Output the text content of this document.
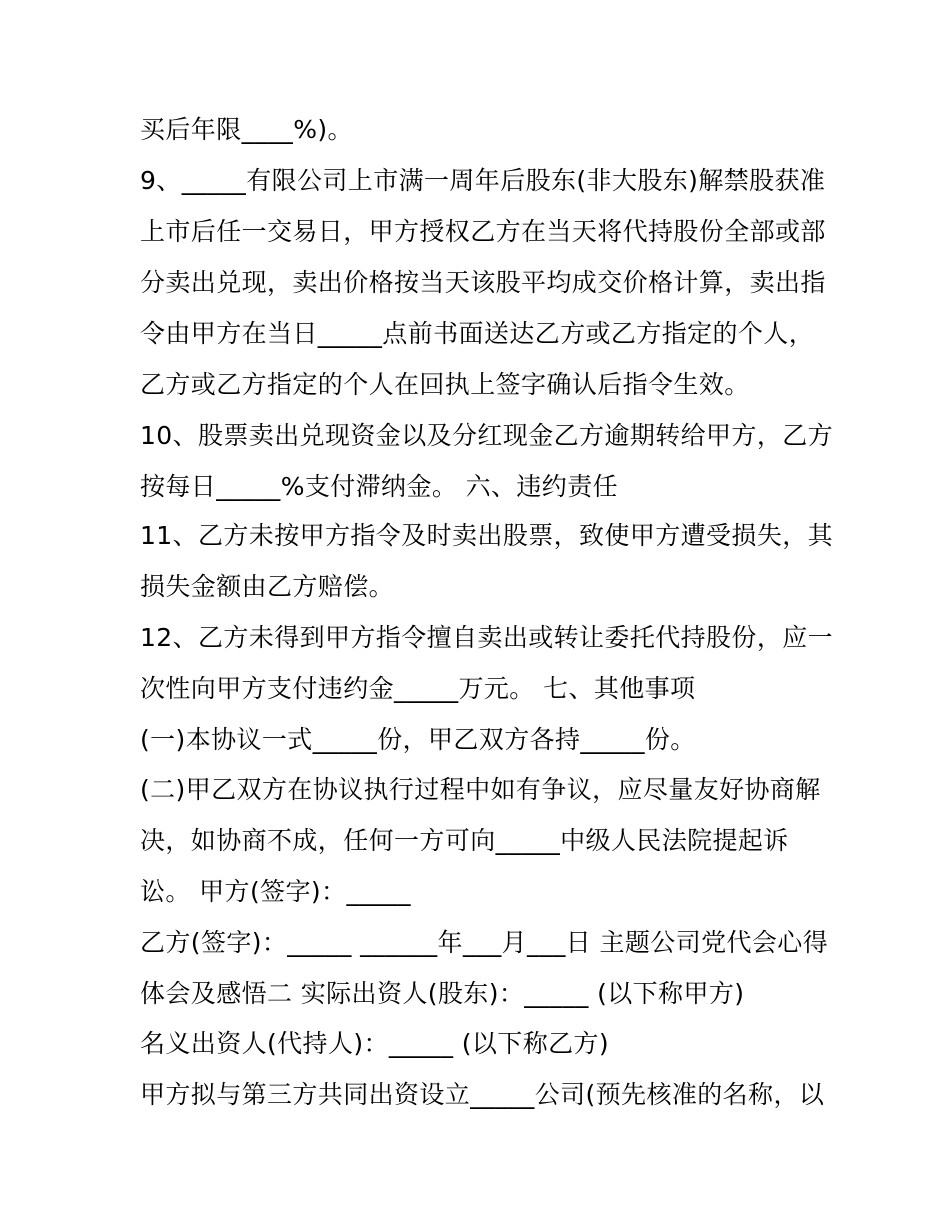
买后年限____%)。
9、_____有限公司上市满一周年后股东(非大股东)解禁股获准
上市后任一交易日，甲方授权乙方在当天将代持股份全部或部
分卖出兑现，卖出价格按当天该股平均成交价格计算，卖出指
令由甲方在当日_____点前书面送达乙方或乙方指定的个人，
乙方或乙方指定的个人在回执上签字确认后指令生效。
10、股票卖出兑现资金以及分红现金乙方逾期转给甲方，乙方
按每日_____%支付滞纳金。 六、违约责任
11、乙方未按甲方指令及时卖出股票，致使甲方遭受损失，其
损失金额由乙方赔偿。
12、乙方未得到甲方指令擅自卖出或转让委托代持股份，应一
次性向甲方支付违约金_____万元。 七、其他事项
(一)本协议一式_____份，甲乙双方各持_____份。
(二)甲乙双方在协议执行过程中如有争议，应尽量友好协商解
决，如协商不成，任何一方可向_____中级人民法院提起诉
讼。 甲方(签字)：_____
乙方(签字)：_____ ______年___月___日 主题公司党代会心得
体会及感悟二 实际出资人(股东)：_____ (以下称甲方)
名义出资人(代持人)：_____ (以下称乙方)
甲方拟与第三方共同出资设立_____公司(预先核准的名称，以
